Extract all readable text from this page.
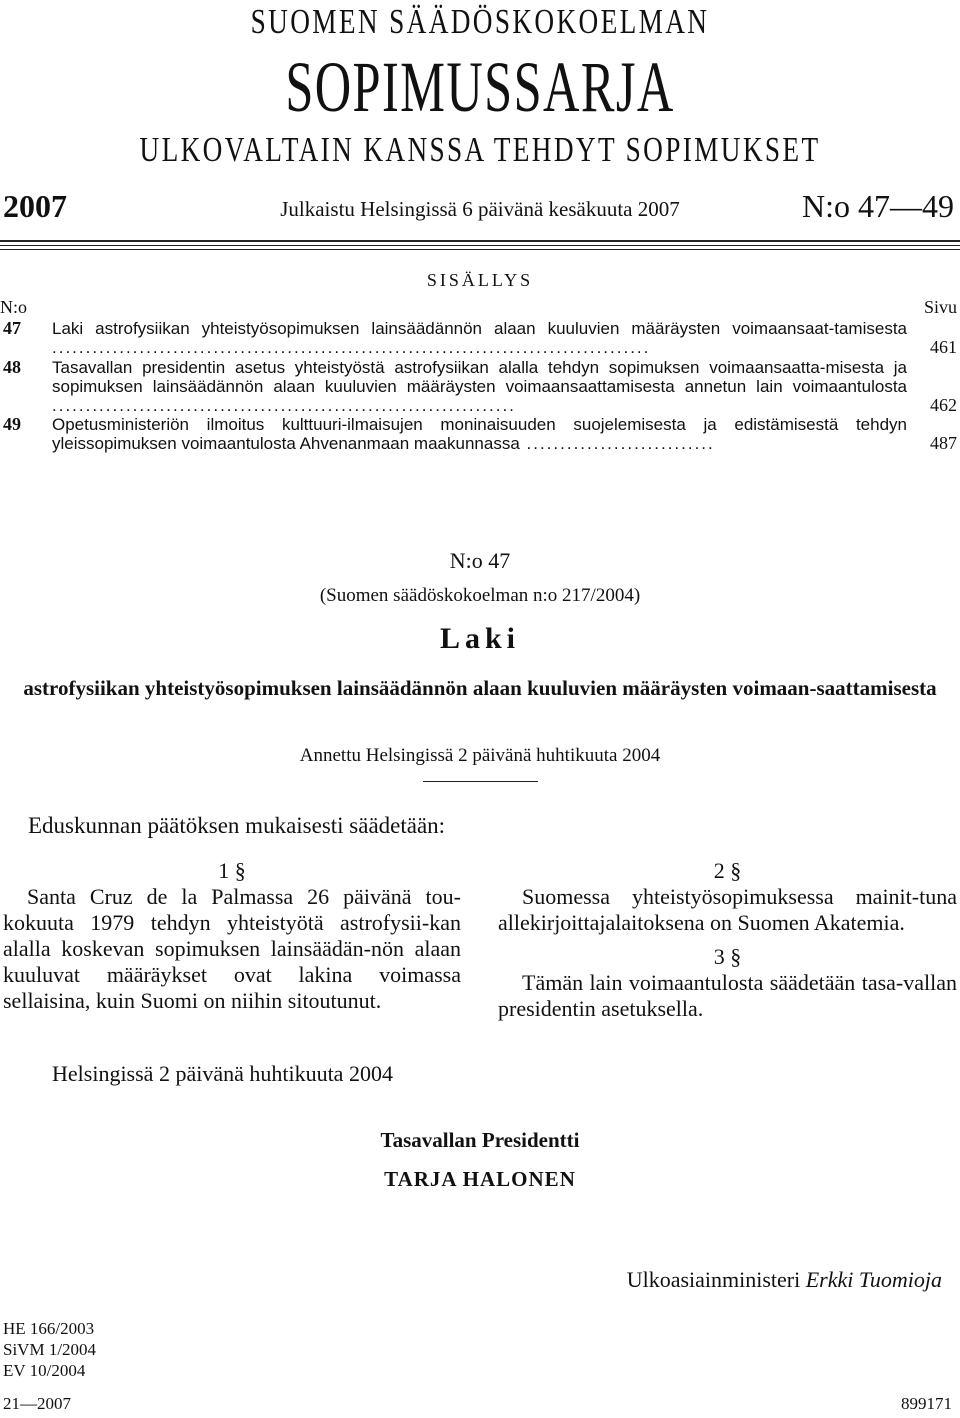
SUOMEN SÄÄDÖSKOKOELMAN
SOPIMUSSARJA
ULKOVALTAIN KANSSA TEHDYT SOPIMUKSET
2007	Julkaistu Helsingissä 6 päivänä kesäkuuta 2007	N:o 47—49
SISÄLLYS
N:o	Sivu
47 Laki astrofysiikan yhteistyösopimuksen lainsäädännön alaan kuuluvien määräysten voimaansaat-tamisesta .........................................................................................	461
48 Tasavallan presidentin asetus yhteistyöstä astrofysiikan alalla tehdyn sopimuksen voimaansaatta-misesta ja sopimuksen lainsäädännön alaan kuuluvien määräysten voimaansaattamisesta annetun lain voimaantulosta .....................................................................	462
49 Opetusministeriön ilmoitus kulttuuri-ilmaisujen moninaisuuden suojelemisesta ja edistämisestä tehdyn yleissopimuksen voimaantulosta Ahvenanmaan maakunnassa ............................	487
N:o 47
(Suomen säädöskokoelman n:o 217/2004)
Laki
astrofysiikan yhteistyösopimuksen lainsäädännön alaan kuuluvien määräysten voimaan-saattamisesta
Annettu Helsingissä 2 päivänä huhtikuuta 2004
Eduskunnan päätöksen mukaisesti säädetään:
1 §

Santa Cruz de la Palmassa 26 päivänä tou-kokuuta 1979 tehdyn yhteistyötä astrofysii-kan alalla koskevan sopimuksen lainsäädän-nön alaan kuuluvat määräykset ovat lakina voimassa sellaisina, kuin Suomi on niihin sitoutunut.

2 §

Suomessa yhteistyösopimuksessa mainit-tuna allekirjoittajalaitoksena on Suomen Akatemia.

3 §

Tämän lain voimaantulosta säädetään tasa-vallan presidentin asetuksella.

Helsingissä 2 päivänä huhtikuuta 2004
Tasavallan Presidentti
TARJA HALONEN
Ulkoasiainministeri Erkki Tuomioja
HE 166/2003
SiVM 1/2004
EV 10/2004
21—2007	899171
